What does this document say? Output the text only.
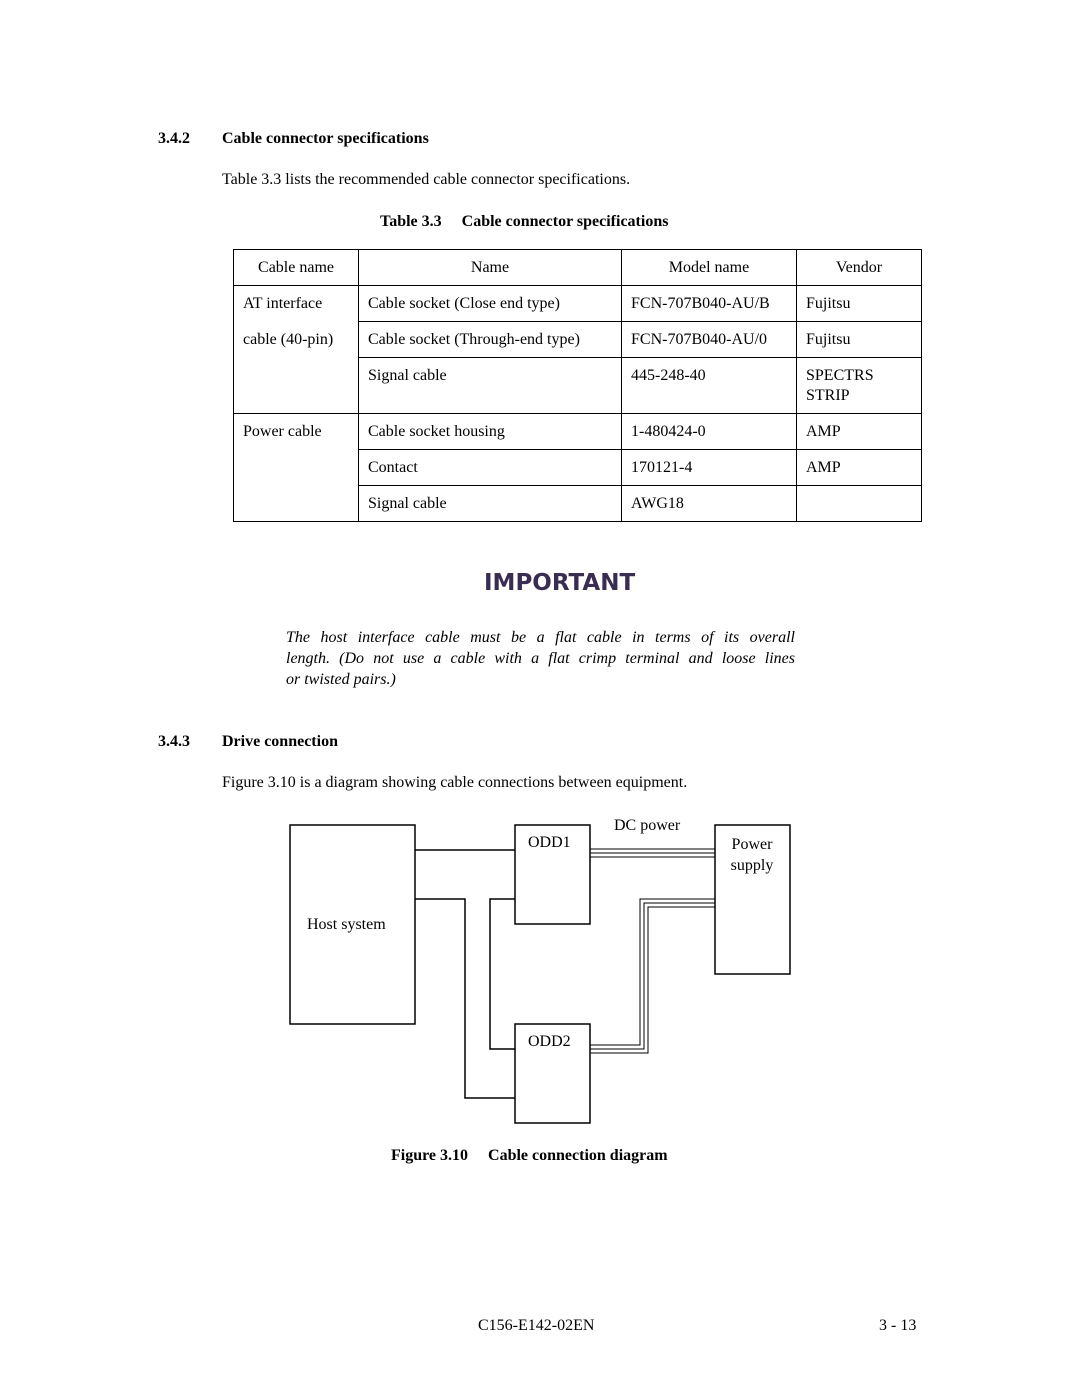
3.4.2 Cable connector specifications
Table 3.3 lists the recommended cable connector specifications.
Table 3.3 Cable connector specifications
Cable name	Name	Model name	Vendor
AT interface	Cable socket (Close end type)	FCN-707B040-AU/B	Fujitsu
cable (40-pin)	Cable socket (Through-end type)	FCN-707B040-AU/0	Fujitsu
	Signal cable	445-248-40	SPECTRS
STRIP

Power cable	Cable socket housing	1-480424-0	AMP
	Contact	170121-4	AMP
	Signal cable	AWG18	
IMPORTANT
The host interface cable must be a flat cable in terms of its overall
length. (Do not use a cable with a flat crimp terminal and loose lines
or twisted pairs.)
3.4.3 Drive connection
Figure 3.10 is a diagram showing cable connections between equipment.
Host system
ODD1
ODD2
DC power
Power
supply
Figure 3.10 Cable connection diagram
C156-E142-02EN	3 - 13
